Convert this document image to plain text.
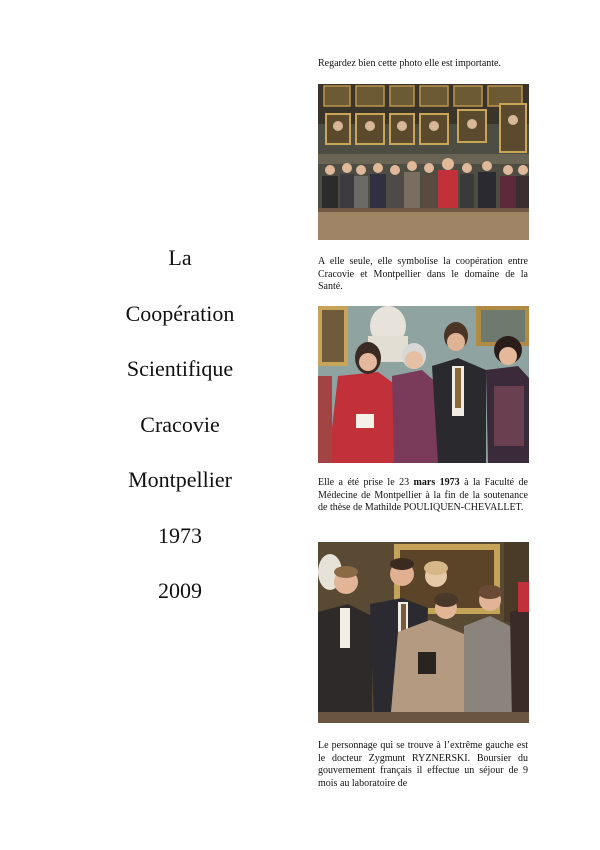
La

Coopération

Scientifique

Cracovie

Montpellier

1973

2009

Regardez bien cette photo elle est importante.

A elle seule, elle symbolise la coopération entre Cracovie et Montpellier dans le domaine de la Santé.

Elle a été prise le 23 mars 1973 à la Faculté de Médecine de Montpellier à la fin de la soutenance de thèse de Mathilde POULIQUEN-CHEVALLET.

Le personnage qui se trouve à l’extrême gauche est le docteur Zygmunt RYZNERSKI. Boursier du gouvernement français il effectue un séjour de 9 mois au laboratoire de
